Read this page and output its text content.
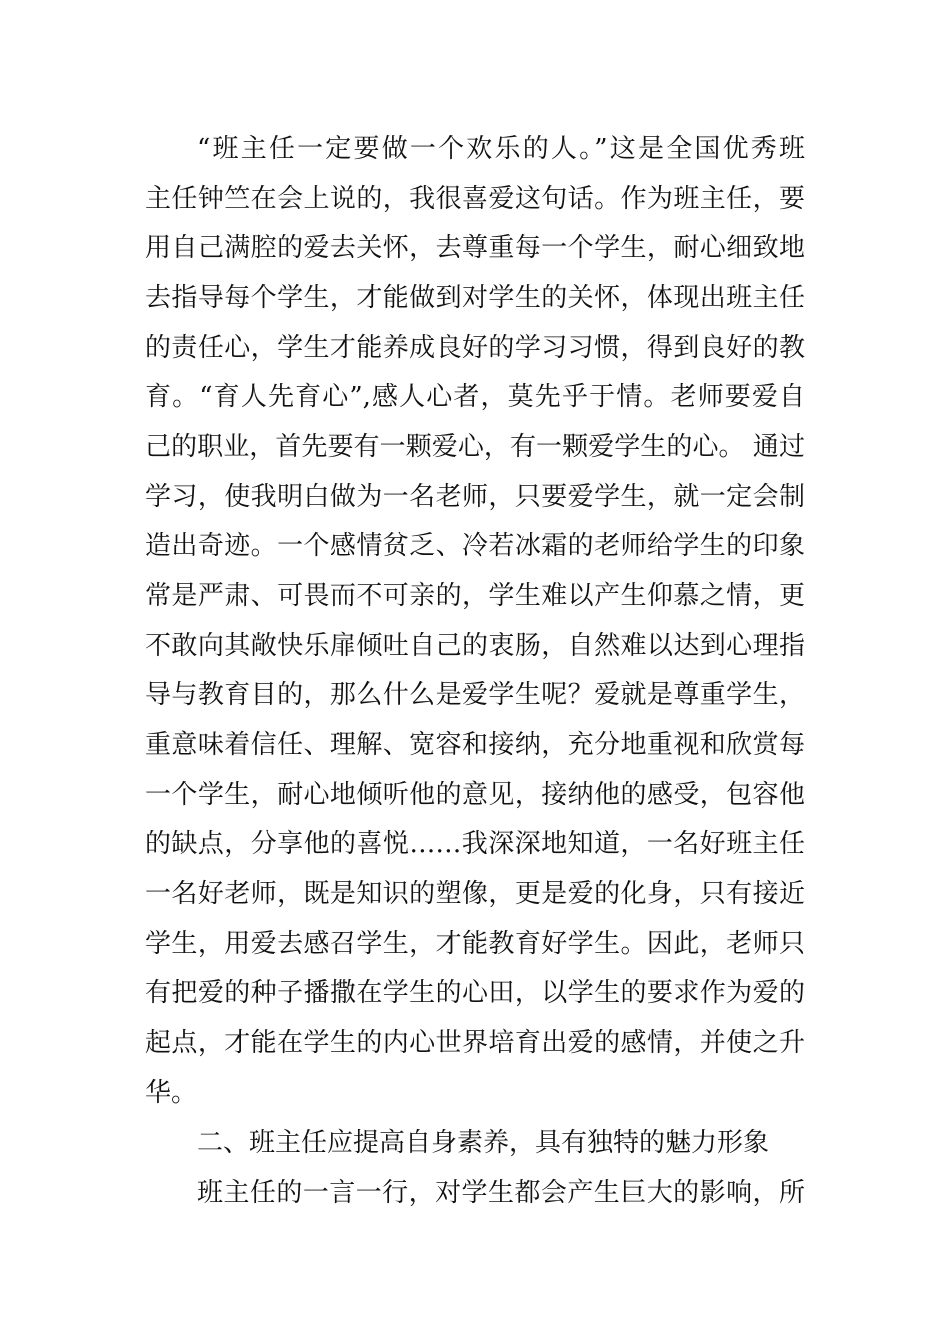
“班主任一定要做一个欢乐的人。”这是全国优秀班
主任钟竺在会上说的，我很喜爱这句话。作为班主任，要
用自己满腔的爱去关怀，去尊重每一个学生，耐心细致地
去指导每个学生，才能做到对学生的关怀，体现出班主任
的责任心，学生才能养成良好的学习习惯，得到良好的教
育。“育人先育心”,感人心者，莫先乎于情。老师要爱自
己的职业，首先要有一颗爱心，有一颗爱学生的心。 通过
学习，使我明白做为一名老师，只要爱学生，就一定会制
造出奇迹。一个感情贫乏、冷若冰霜的老师给学生的印象
常是严肃、可畏而不可亲的，学生难以产生仰慕之情，更
不敢向其敞快乐扉倾吐自己的衷肠，自然难以达到心理指
导与教育目的，那么什么是爱学生呢？爱就是尊重学生，
重意味着信任、理解、宽容和接纳，充分地重视和欣赏每
一个学生，耐心地倾听他的意见，接纳他的感受，包容他
的缺点，分享他的喜悦……我深深地知道，一名好班主任
一名好老师，既是知识的塑像，更是爱的化身，只有接近
学生，用爱去感召学生，才能教育好学生。因此，老师只
有把爱的种子播撒在学生的心田，以学生的要求作为爱的
起点，才能在学生的内心世界培育出爱的感情，并使之升
华。
二、班主任应提高自身素养，具有独特的魅力形象
班主任的一言一行，对学生都会产生巨大的影响，所
